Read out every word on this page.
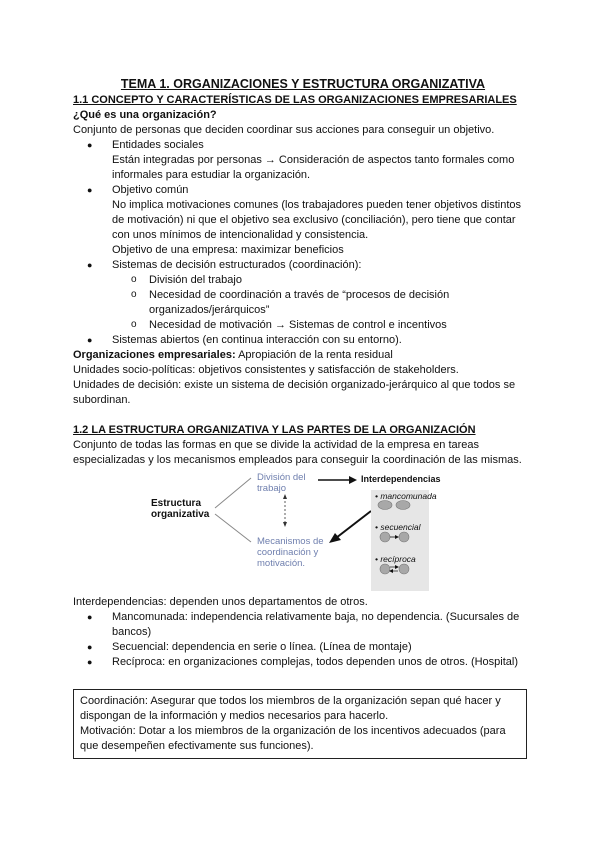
TEMA 1. ORGANIZACIONES Y ESTRUCTURA ORGANIZATIVA
1.1 CONCEPTO Y CARACTERÍSTICAS DE LAS ORGANIZACIONES EMPRESARIALES
¿Qué es una organización?
Conjunto de personas que deciden coordinar sus acciones para conseguir un objetivo.
● Entidades sociales
Están integradas por personas → Consideración de aspectos tanto formales como informales para estudiar la organización.
● Objetivo común
No implica motivaciones comunes (los trabajadores pueden tener objetivos distintos de motivación) ni que el objetivo sea exclusivo (conciliación), pero tiene que contar con unos mínimos de intencionalidad y consistencia.
Objetivo de una empresa: maximizar beneficios
● Sistemas de decisión estructurados (coordinación):
o División del trabajo
o Necesidad de coordinación a través de “procesos de decisión organizados/jerárquicos”
o Necesidad de motivación → Sistemas de control e incentivos
● Sistemas abiertos (en continua interacción con su entorno).
Organizaciones empresariales: Apropiación de la renta residual
Unidades socio-políticas: objetivos consistentes y satisfacción de stakeholders.
Unidades de decisión: existe un sistema de decisión organizado-jerárquico al que todos se subordinan.
1.2 LA ESTRUCTURA ORGANIZATIVA Y LAS PARTES DE LA ORGANIZACIÓN
Conjunto de todas las formas en que se divide la actividad de la empresa en tareas especializadas y los mecanismos empleados para conseguir la coordinación de las mismas.
Estructura organizativa
División del trabajo
Mecanismos de coordinación y motivación.
Interdependencias
• mancomunada
• secuencial
• recíproca
Interdependencias: dependen unos departamentos de otros.
● Mancomunada: independencia relativamente baja, no dependencia. (Sucursales de bancos)
● Secuencial: dependencia en serie o línea. (Línea de montaje)
● Recíproca: en organizaciones complejas, todos dependen unos de otros. (Hospital)
Coordinación: Asegurar que todos los miembros de la organización sepan qué hacer y dispongan de la información y medios necesarios para hacerlo.
Motivación: Dotar a los miembros de la organización de los incentivos adecuados (para que desempeñen efectivamente sus funciones).
